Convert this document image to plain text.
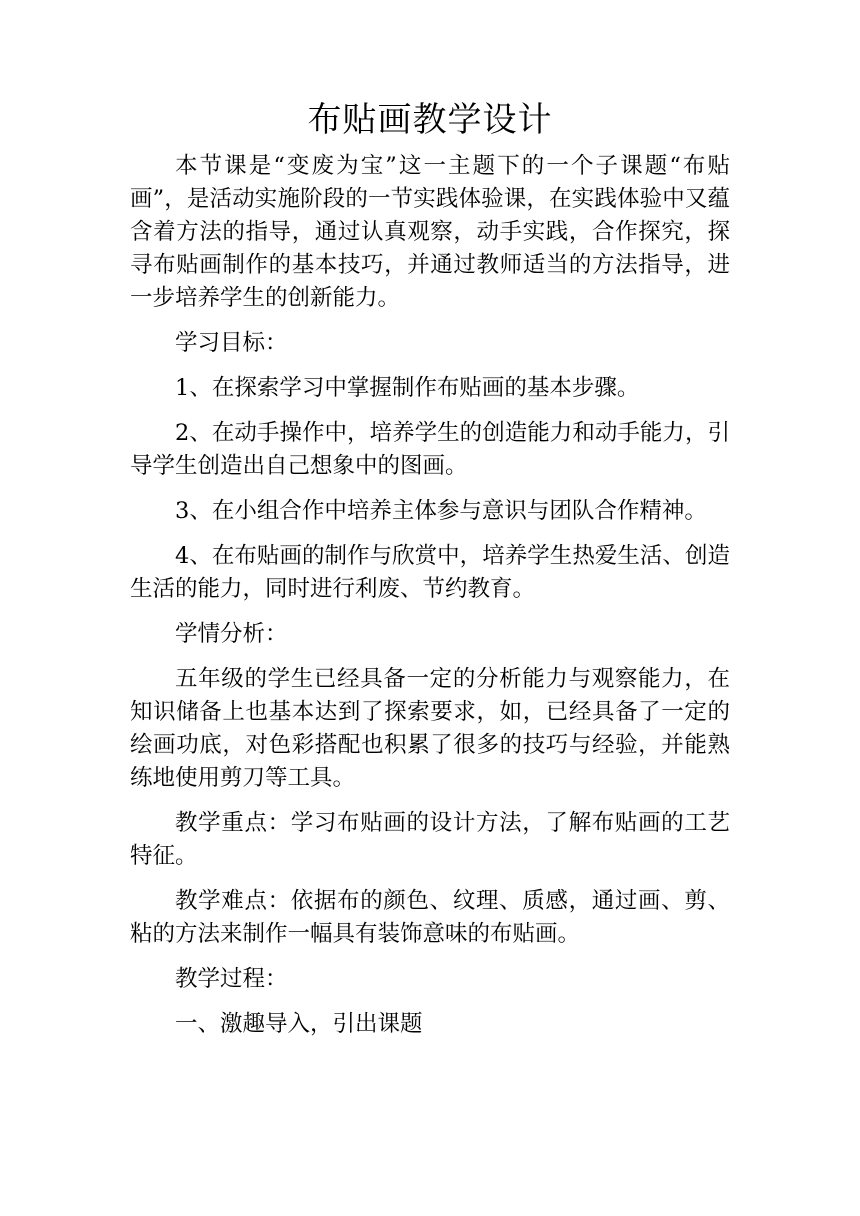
布贴画教学设计

本节课是“变废为宝”这一主题下的一个子课题“布贴画”，是活动实施阶段的一节实践体验课，在实践体验中又蕴含着方法的指导，通过认真观察，动手实践，合作探究，探寻布贴画制作的基本技巧，并通过教师适当的方法指导，进一步培养学生的创新能力。

学习目标：

1、在探索学习中掌握制作布贴画的基本步骤。

2、在动手操作中，培养学生的创造能力和动手能力，引导学生创造出自己想象中的图画。

3、在小组合作中培养主体参与意识与团队合作精神。

4、在布贴画的制作与欣赏中，培养学生热爱生活、创造生活的能力，同时进行利废、节约教育。

学情分析：

五年级的学生已经具备一定的分析能力与观察能力，在知识储备上也基本达到了探索要求，如，已经具备了一定的绘画功底，对色彩搭配也积累了很多的技巧与经验，并能熟练地使用剪刀等工具。

教学重点：学习布贴画的设计方法，了解布贴画的工艺特征。

教学难点：依据布的颜色、纹理、质感，通过画、剪、粘的方法来制作一幅具有装饰意味的布贴画。

教学过程：

一、激趣导入，引出课题
